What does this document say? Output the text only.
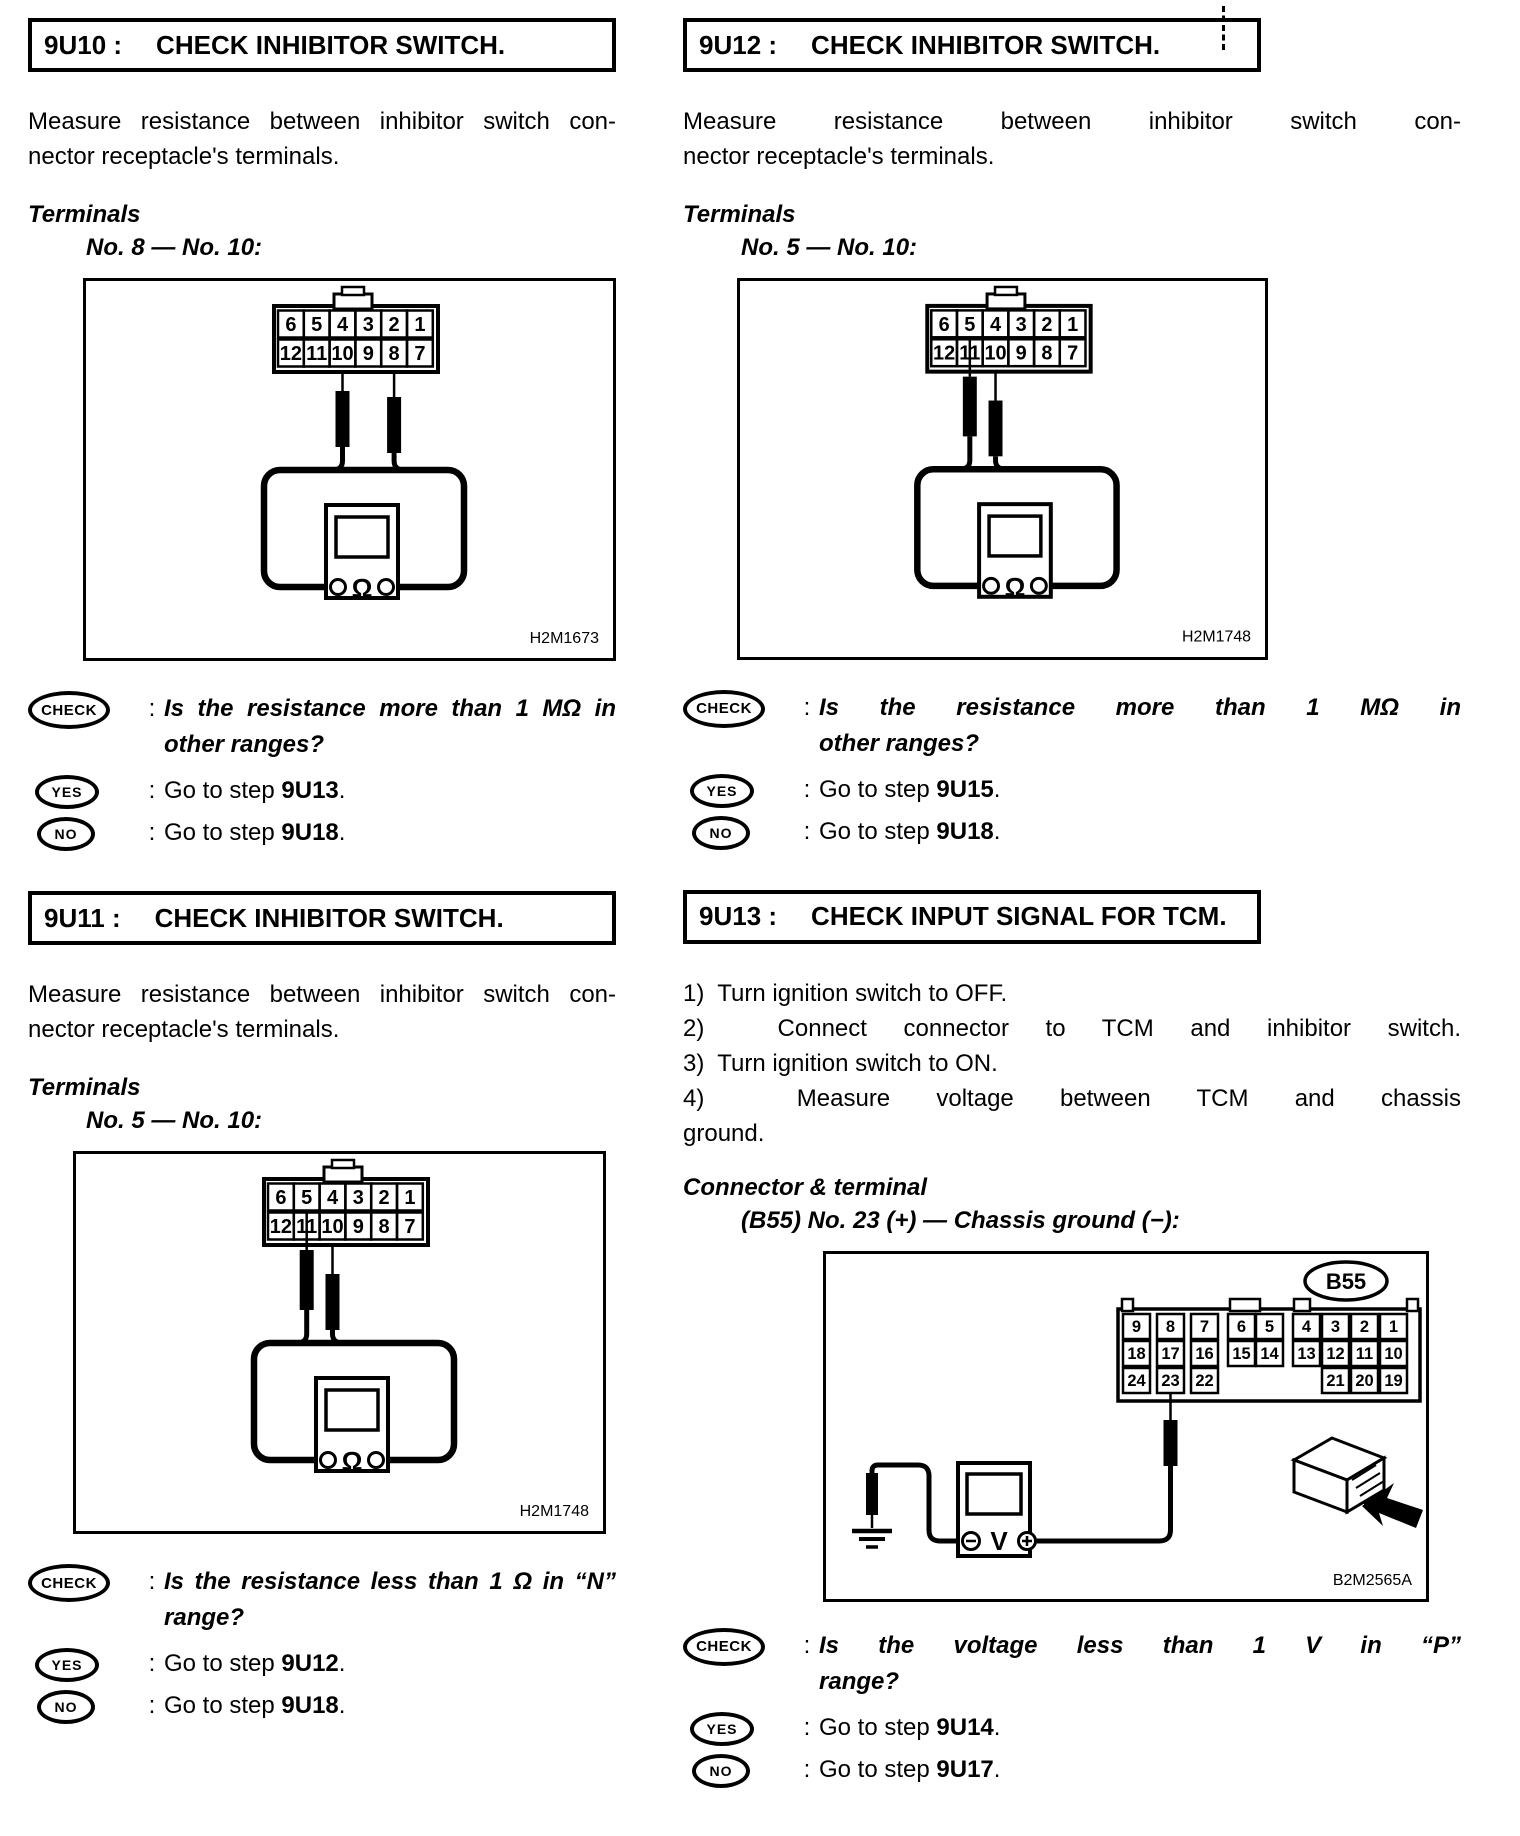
9U10 : CHECK INHIBITOR SWITCH.
Measure resistance between inhibitor switch con-
nector receptacle's terminals.
Terminals
No. 8 — No. 10:
Ω
6 5 4 3 2 1
12 11 10 9 8 7
H2M1673
CHECK	: Is the resistance more than 1 MΩ in
other ranges?
YES	: Go to step 9U13.
NO	: Go to step 9U18.
9U11 : CHECK INHIBITOR SWITCH.
Measure resistance between inhibitor switch con-
nector receptacle's terminals.
Terminals
No. 5 — No. 10:
Ω
6 5 4 3 2 1
12 11 10 9 8 7
H2M1748
CHECK	: Is the resistance less than 1 Ω in “N”
range?
YES	: Go to step 9U12.
NO	: Go to step 9U18.
9U12 : CHECK INHIBITOR SWITCH.
Measure resistance between inhibitor switch con-
nector receptacle's terminals.
Terminals
No. 5 — No. 10:
Ω
6 5 4 3 2 1
12 11 10 9 8 7
H2M1748
CHECK	: Is the resistance more than 1 MΩ in
other ranges?
YES	: Go to step 9U15.
NO	: Go to step 9U18.
9U13 : CHECK INPUT SIGNAL FOR TCM.
1)  Turn ignition switch to OFF.
2)  Connect connector to TCM and inhibitor switch.
3)  Turn ignition switch to ON.
4)  Measure voltage between TCM and chassis
ground.
Connector & terminal
(B55) No. 23 (+) — Chassis ground (−):
B55
V
9 8 7 6 5 4 3 2 1
18 17 16 15 14 13 12 11 10
24 23 22	21 20 19
B2M2565A
CHECK	: Is the voltage less than 1 V in “P”
range?
YES	: Go to step 9U14.
NO	: Go to step 9U17.
